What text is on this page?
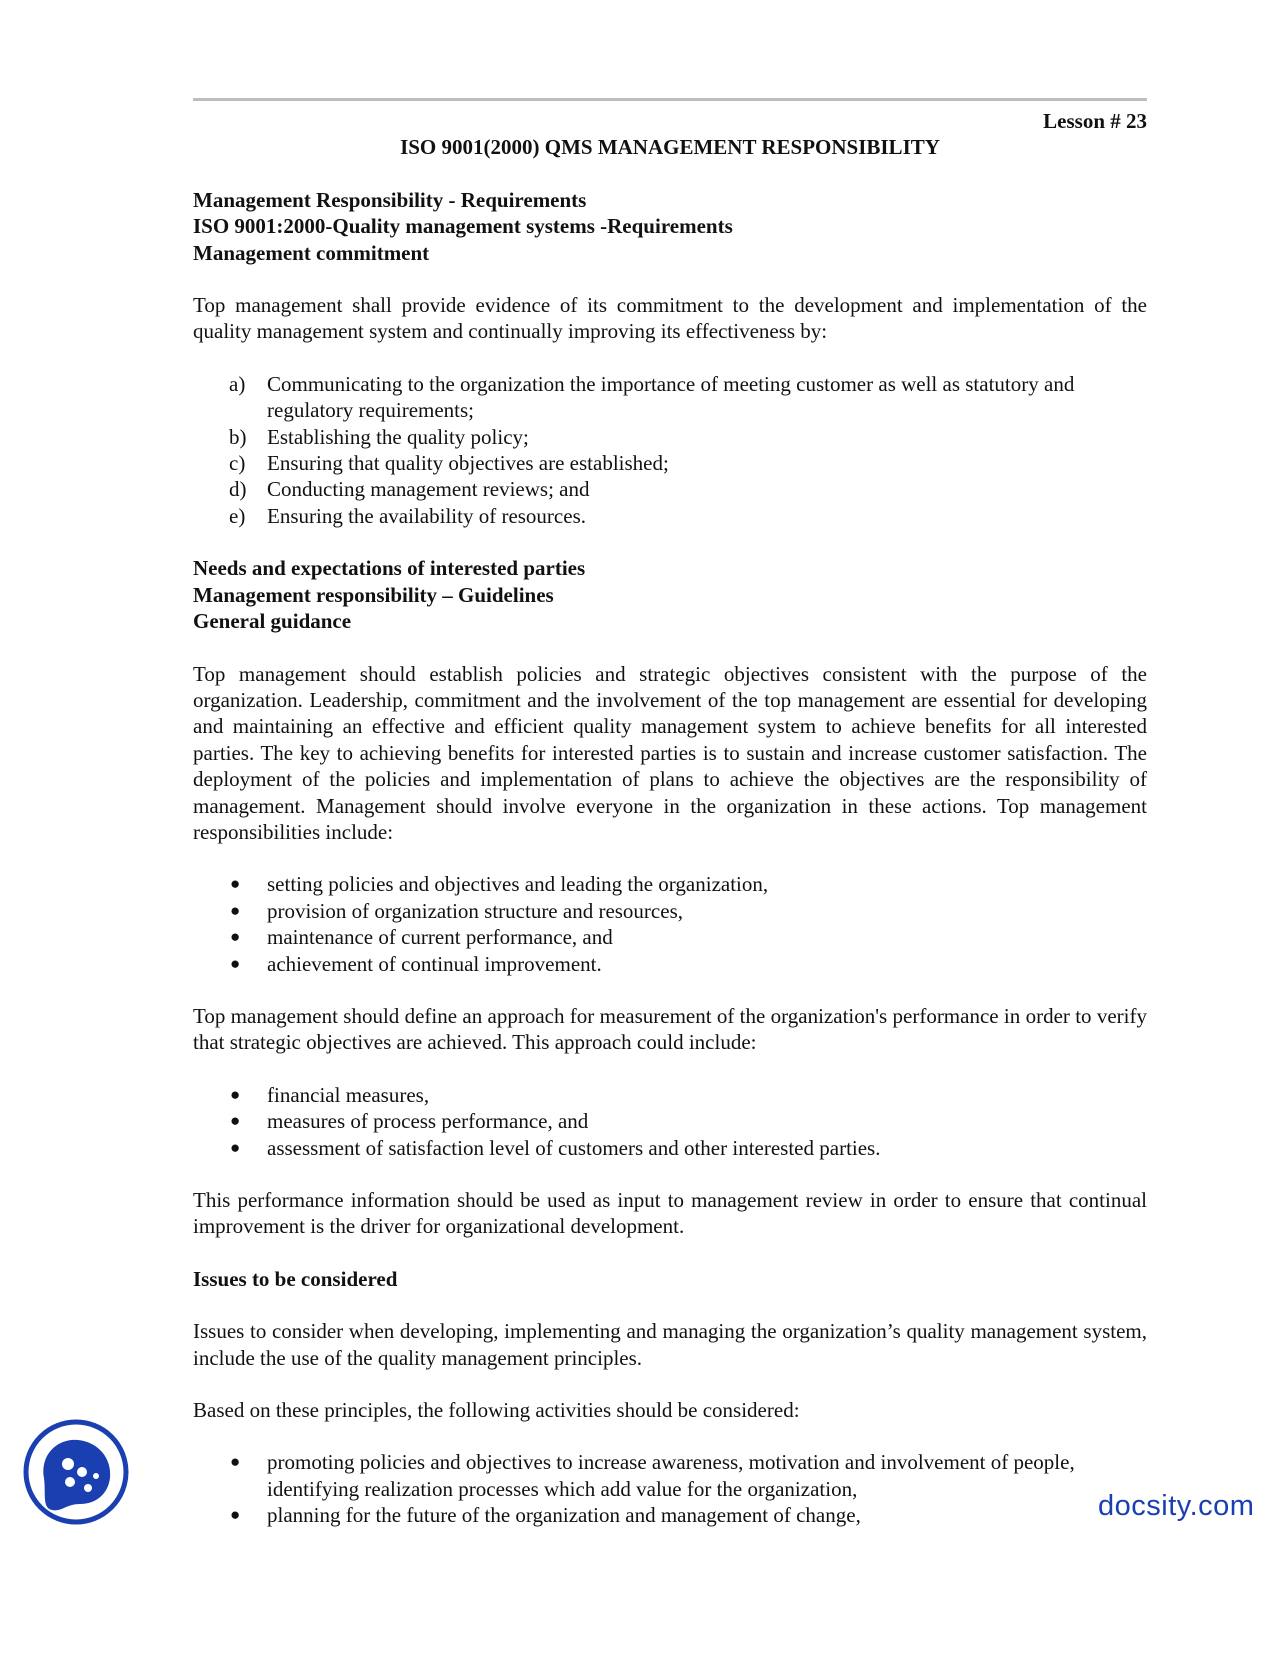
Lesson # 23
ISO 9001(2000) QMS MANAGEMENT RESPONSIBILITY
Management Responsibility - Requirements
ISO 9001:2000-Quality management systems -Requirements
Management commitment

Top management shall provide evidence of its commitment to the development and implementation of the quality management system and continually improving its effectiveness by:

a) Communicating to the organization the importance of meeting customer as well as statutory and regulatory requirements;
b) Establishing the quality policy;
c) Ensuring that quality objectives are established;
d) Conducting management reviews; and
e) Ensuring the availability of resources.
Needs and expectations of interested parties
Management responsibility – Guidelines
General guidance

Top management should establish policies and strategic objectives consistent with the purpose of the organization. Leadership, commitment and the involvement of the top management are essential for developing and maintaining an effective and efficient quality management system to achieve benefits for all interested parties. The key to achieving benefits for interested parties is to sustain and increase customer satisfaction. The deployment of the policies and implementation of plans to achieve the objectives are the responsibility of management. Management should involve everyone in the organization in these actions. Top management responsibilities include:

● setting policies and objectives and leading the organization,
● provision of organization structure and resources,
● maintenance of current performance, and
● achievement of continual improvement.

Top management should define an approach for measurement of the organization's performance in order to verify that strategic objectives are achieved. This approach could include:

● financial measures,
● measures of process performance, and
● assessment of satisfaction level of customers and other interested parties.

This performance information should be used as input to management review in order to ensure that continual improvement is the driver for organizational development.

Issues to be considered

Issues to consider when developing, implementing and managing the organization’s quality management system, include the use of the quality management principles.

Based on these principles, the following activities should be considered:

● promoting policies and objectives to increase awareness, motivation and involvement of people, identifying realization processes which add value for the organization,
● planning for the future of the organization and management of change,	docsity.com
